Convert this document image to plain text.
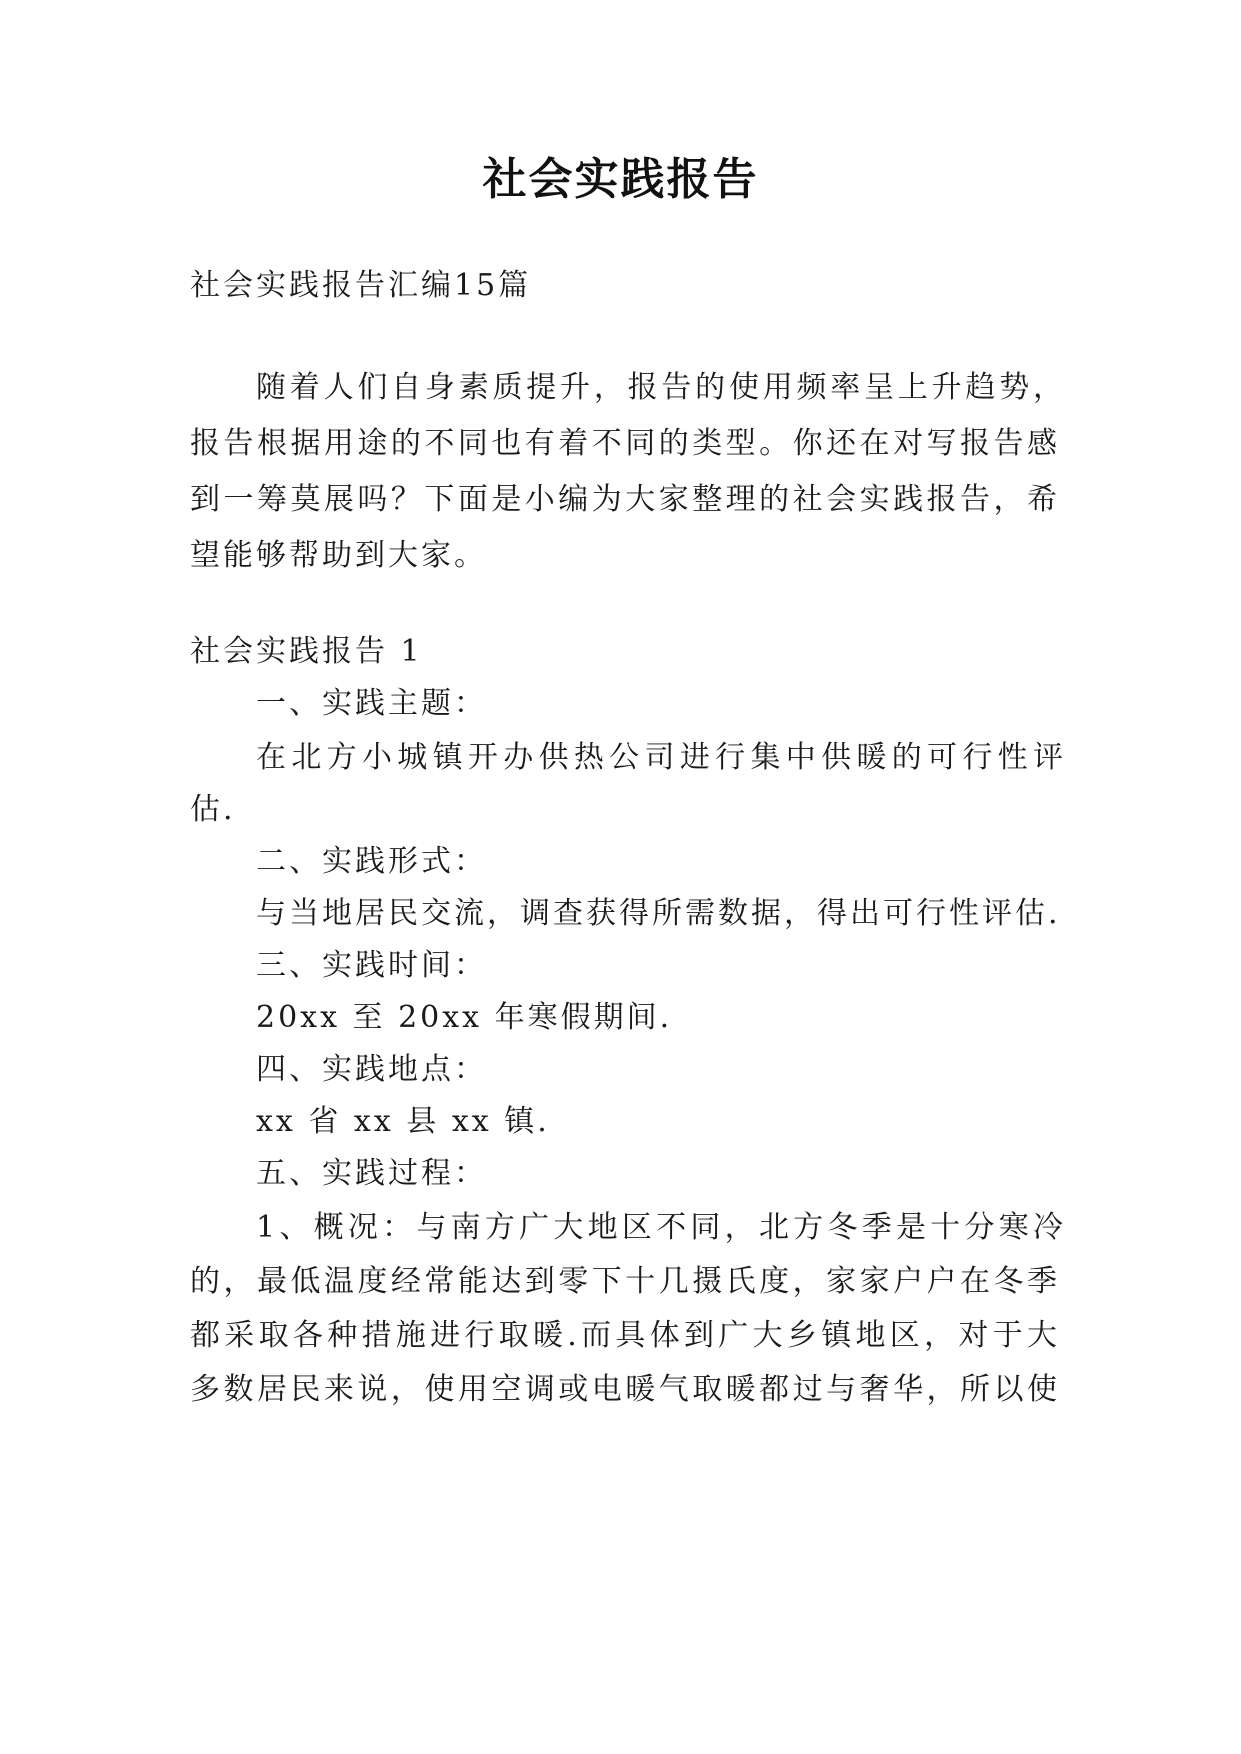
社会实践报告
社会实践报告汇编15篇
随着人们自身素质提升，报告的使用频率呈上升趋势，
报告根据用途的不同也有着不同的类型。你还在对写报告感
到一筹莫展吗？下面是小编为大家整理的社会实践报告，希
望能够帮助到大家。
社会实践报告 1
一、实践主题：
在北方小城镇开办供热公司进行集中供暖的可行性评
估.
二、实践形式：
与当地居民交流，调查获得所需数据，得出可行性评估.
三、实践时间：
20xx 至 20xx 年寒假期间.
四、实践地点：
xx 省 xx 县 xx 镇.
五、实践过程：
1、概况：与南方广大地区不同，北方冬季是十分寒冷
的，最低温度经常能达到零下十几摄氏度，家家户户在冬季
都采取各种措施进行取暖.而具体到广大乡镇地区，对于大
多数居民来说，使用空调或电暖气取暖都过与奢华，所以使
